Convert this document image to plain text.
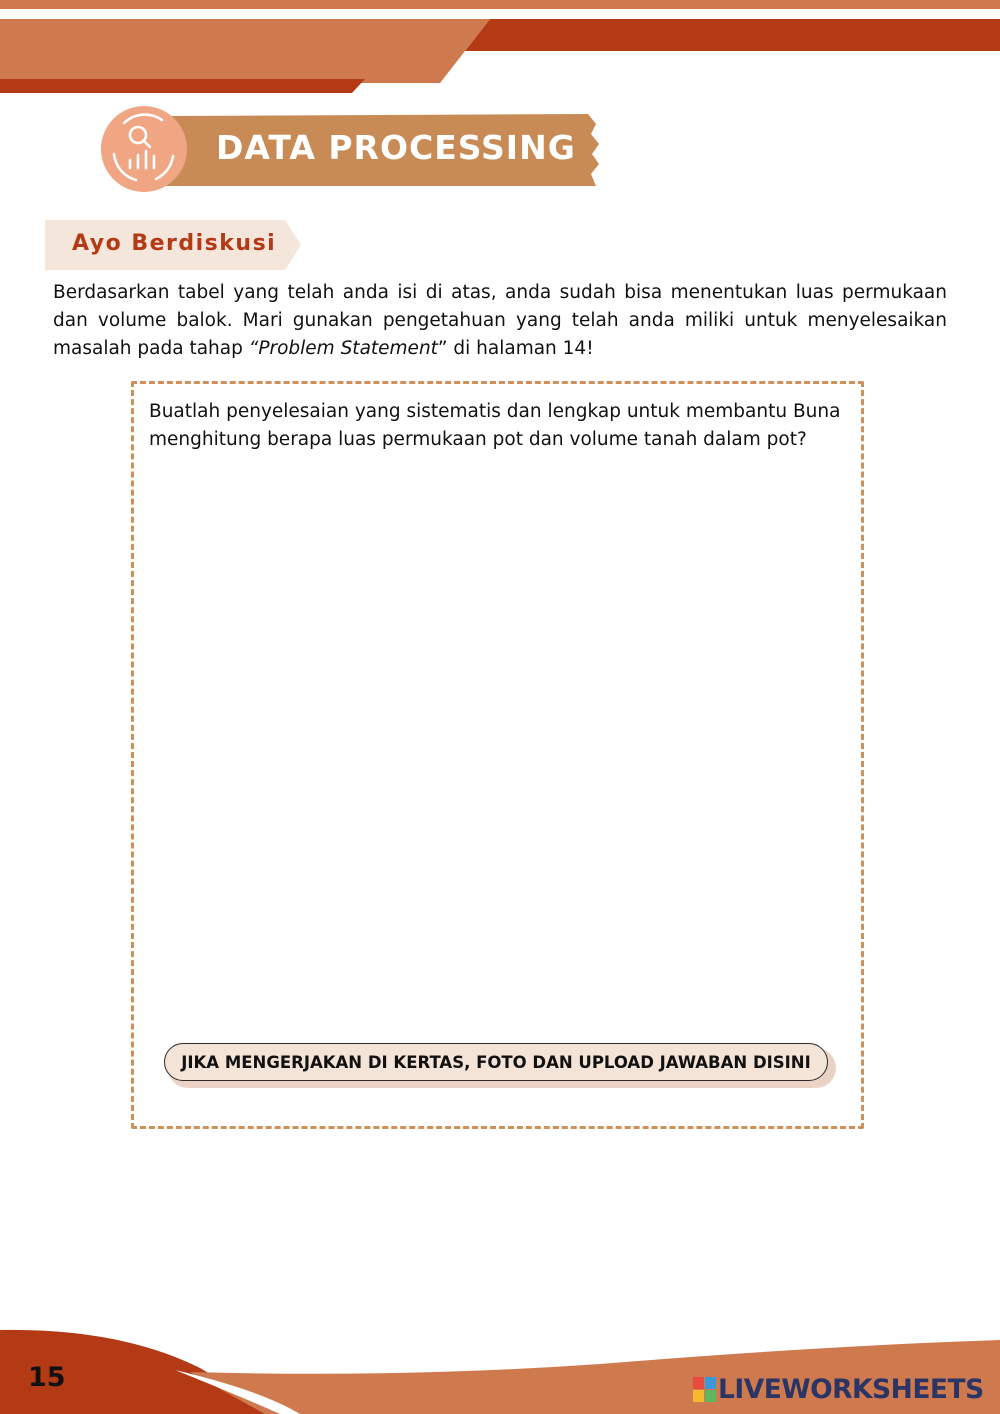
DATA PROCESSING
Ayo Berdiskusi

Berdasarkan tabel yang telah anda isi di atas, anda sudah bisa menentukan luas permukaan dan volume balok. Mari gunakan pengetahuan yang telah anda miliki untuk menyelesaikan masalah pada tahap “Problem Statement” di halaman 14!

Buatlah penyelesaian yang sistematis dan lengkap untuk membantu Buna menghitung berapa luas permukaan pot dan volume tanah dalam pot?

JIKA MENGERJAKAN DI KERTAS, FOTO DAN UPLOAD JAWABAN DISINI
15	LIVEWORKSHEETS
